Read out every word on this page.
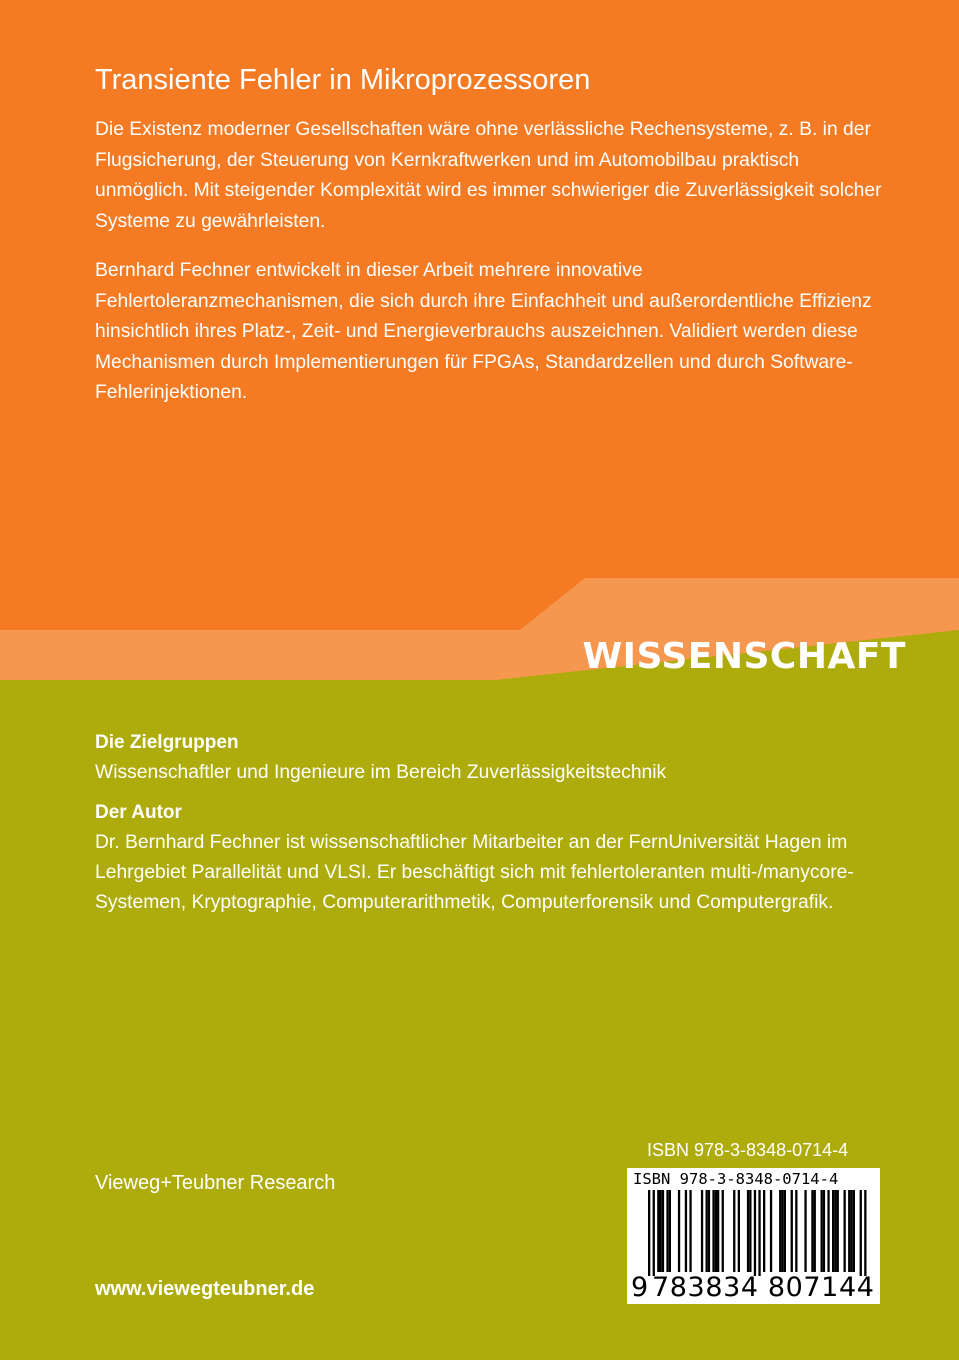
Transiente Fehler in Mikroprozessoren

Die Existenz moderner Gesellschaften wäre ohne verlässliche Rechensysteme, z. B. in der Flugsicherung, der Steuerung von Kernkraftwerken und im Automobilbau praktisch unmöglich. Mit steigender Komplexität wird es immer schwieriger die Zuverlässigkeit solcher Systeme zu gewährleisten.

Bernhard Fechner entwickelt in dieser Arbeit mehrere innovative Fehlertoleranzmechanismen, die sich durch ihre Einfachheit und außerordentliche Effizienz hinsichtlich ihres Platz-, Zeit- und Energieverbrauchs auszeichnen. Validiert werden diese Mechanismen durch Implementierungen für FPGAs, Standardzellen und durch Software-Fehlerinjektionen.

WISSENSCHAFT
Die Zielgruppen

Wissenschaftler und Ingenieure im Bereich Zuverlässigkeitstechnik

Der Autor

Dr. Bernhard Fechner ist wissenschaftlicher Mitarbeiter an der FernUniversität Hagen im Lehrgebiet Parallelität und VLSI. Er beschäftigt sich mit fehlertoleranten multi-/manycore-Systemen, Kryptographie, Computerarithmetik, Computerforensik und Computergrafik.

Vieweg+Teubner Research
www.viewegteubner.de
ISBN 978-3-8348-0714-4
ISBN 978-3-8348-0714-4
9 783834 807144
